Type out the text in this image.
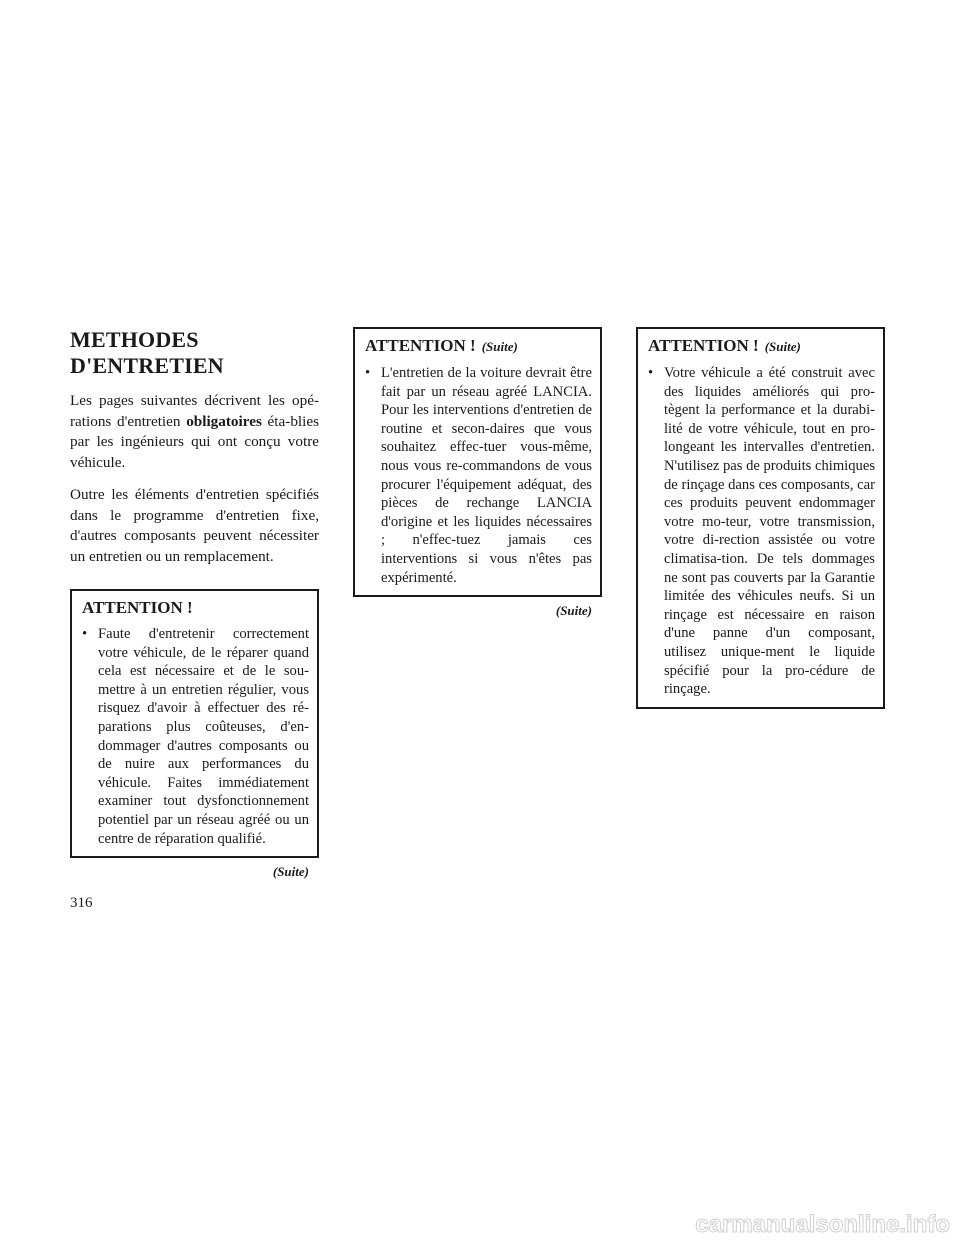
METHODES
D'ENTRETIEN

Les pages suivantes décrivent les opé-rations d'entretien obligatoires éta-blies par les ingénieurs qui ont conçu votre véhicule.

Outre les éléments d'entretien spécifiés dans le programme d'entretien fixe, d'autres composants peuvent nécessiter un entretien ou un remplacement.

ATTENTION !
• Faute d'entretenir correctement votre véhicule, de le réparer quand cela est nécessaire et de le sou-mettre à un entretien régulier, vous risquez d'avoir à effectuer des ré-parations plus coûteuses, d'en-dommager d'autres composants ou de nuire aux performances du véhicule. Faites immédiatement examiner tout dysfonctionnement potentiel par un réseau agréé ou un centre de réparation qualifié.
(Suite)
ATTENTION ! (Suite)
• L'entretien de la voiture devrait être fait par un réseau agréé LANCIA. Pour les interventions d'entretien de routine et secon-daires que vous souhaitez effec-tuer vous-même, nous vous re-commandons de vous procurer l'équipement adéquat, des pièces de rechange LANCIA d'origine et les liquides nécessaires ; n'effec-tuez jamais ces interventions si vous n'êtes pas expérimenté.
(Suite)
ATTENTION ! (Suite)
• Votre véhicule a été construit avec des liquides améliorés qui pro-tègent la performance et la durabi-lité de votre véhicule, tout en pro-longeant les intervalles d'entretien. N'utilisez pas de produits chimiques de rinçage dans ces composants, car ces produits peuvent endommager votre mo-teur, votre transmission, votre di-rection assistée ou votre climatisa-tion. De tels dommages ne sont pas couverts par la Garantie limitée des véhicules neufs. Si un rinçage est nécessaire en raison d'une panne d'un composant, utilisez unique-ment le liquide spécifié pour la pro-cédure de rinçage.
316
carmanualsonline.info
